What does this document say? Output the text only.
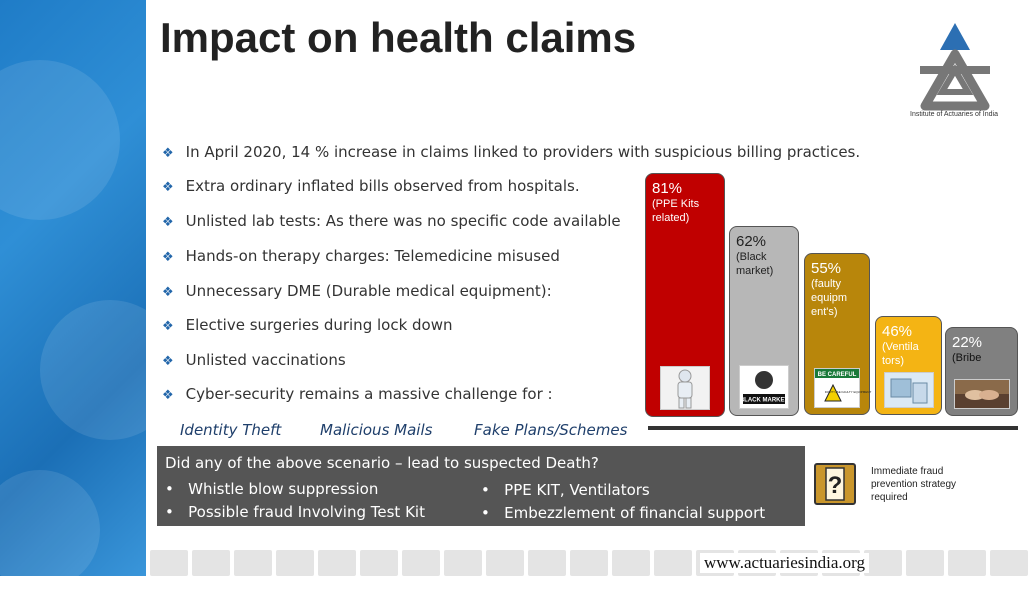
Impact on health claims
Institute of Actuaries of India
❖ In April 2020, 14 % increase in claims linked to providers with suspicious billing practices.
❖ Extra ordinary inflated bills observed from hospitals.
❖ Unlisted lab tests: As there was no specific code available
❖ Hands-on therapy charges: Telemedicine misused
❖ Unnecessary DME (Durable medical equipment):
❖ Elective surgeries during lock down
❖ Unlisted vaccinations
❖ Cyber-security remains a massive challenge for :
Identity Theft	Malicious Mails	Fake Plans/Schemes
81%
(PPE Kits related)
62%
(Black market)
BLACK MARKET
55%
(faulty equipm ent's)
BE CAREFUL
DON'T USE FAULTY EQUIPMENT
46%
(Ventila tors)
22%
(Bribe
Did any of the above scenario – lead to suspected Death?
•   Whistle blow suppression
•   Possible fraud Involving Test Kit
•   PPE KIT, Ventilators
•   Embezzlement of financial support
?
Immediate fraud prevention strategy required
www.actuariesindia.org
